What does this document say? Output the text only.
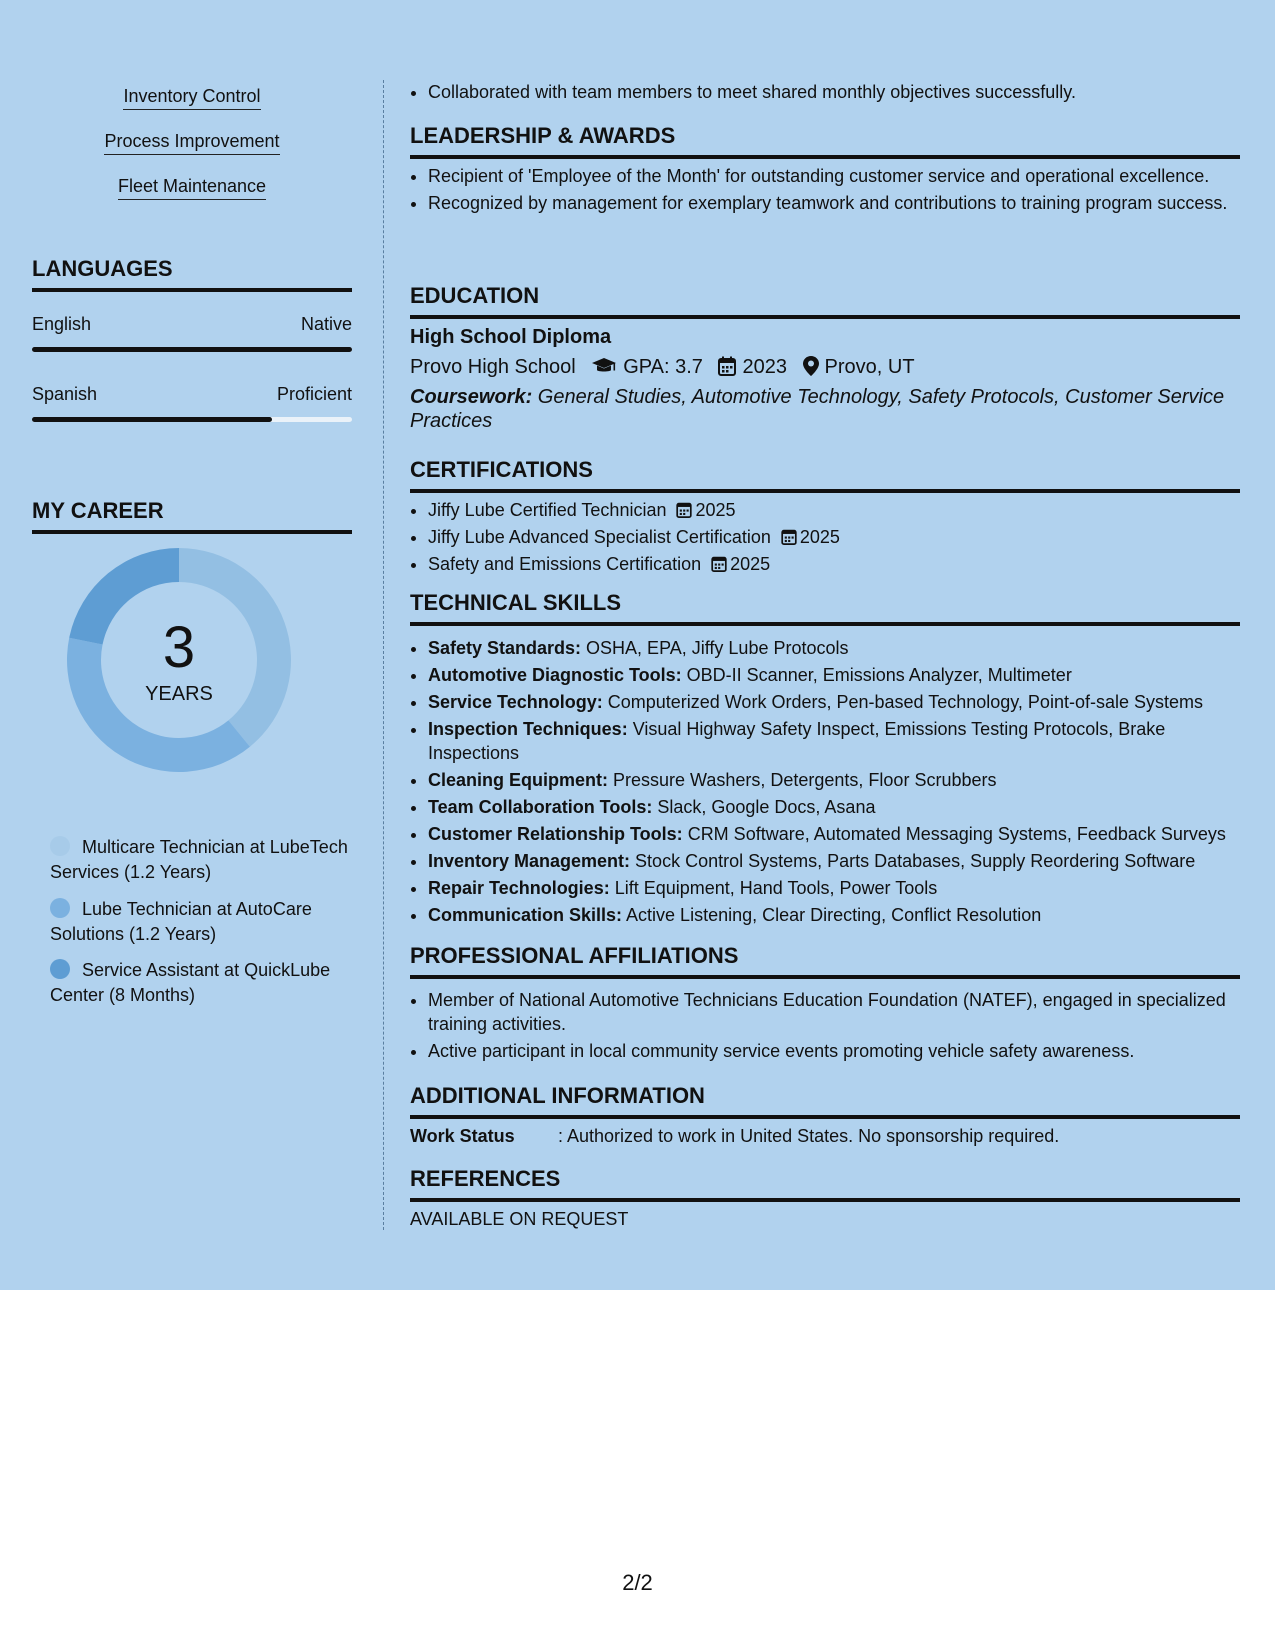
Inventory Control
Process Improvement
Fleet Maintenance
LANGUAGES
English	Native
Spanish	Proficient
MY CAREER
3
YEARS
Multicare Technician at LubeTech Services (1.2 Years)
Lube Technician at AutoCare Solutions (1.2 Years)
Service Assistant at QuickLube Center (8 Months)
• Collaborated with team members to meet shared monthly objectives successfully.
LEADERSHIP & AWARDS
• Recipient of 'Employee of the Month' for outstanding customer service and operational excellence.
• Recognized by management for exemplary teamwork and contributions to training program success.
EDUCATION
High School Diploma
Provo High School GPA: 3.7 2023 Provo, UT
Coursework: General Studies, Automotive Technology, Safety Protocols, Customer Service Practices
CERTIFICATIONS
• Jiffy Lube Certified Technician 2025
• Jiffy Lube Advanced Specialist Certification 2025
• Safety and Emissions Certification 2025
TECHNICAL SKILLS
• Safety Standards: OSHA, EPA, Jiffy Lube Protocols
• Automotive Diagnostic Tools: OBD-II Scanner, Emissions Analyzer, Multimeter
• Service Technology: Computerized Work Orders, Pen-based Technology, Point-of-sale Systems
• Inspection Techniques: Visual Highway Safety Inspect, Emissions Testing Protocols, Brake Inspections
• Cleaning Equipment: Pressure Washers, Detergents, Floor Scrubbers
• Team Collaboration Tools: Slack, Google Docs, Asana
• Customer Relationship Tools: CRM Software, Automated Messaging Systems, Feedback Surveys
• Inventory Management: Stock Control Systems, Parts Databases, Supply Reordering Software
• Repair Technologies: Lift Equipment, Hand Tools, Power Tools
• Communication Skills: Active Listening, Clear Directing, Conflict Resolution
PROFESSIONAL AFFILIATIONS
• Member of National Automotive Technicians Education Foundation (NATEF), engaged in specialized training activities.
• Active participant in local community service events promoting vehicle safety awareness.
ADDITIONAL INFORMATION
Work Status : Authorized to work in United States. No sponsorship required.
REFERENCES
AVAILABLE ON REQUEST
2/2
